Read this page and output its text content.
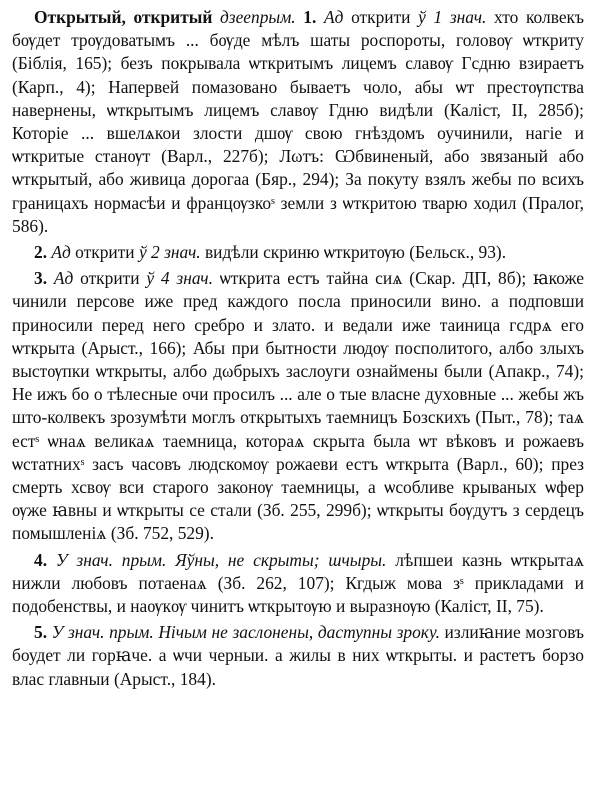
Открытый, откритый дзеепрым. 1. Ад открити ў 1 знач. хто колвекъ бѹдет трѹдоватымъ ... бѹде мѣлъ шаты роспороты, головѹ ѡткриту (Біблія, 165); безъ покрывала ѡткритымъ лицемъ славѹ Гсдню взираетъ (Карп., 4); Напервей помазовано бываетъ чоло, абы ѡт престѹпства навернены, ѡткрытымъ лицемъ славѹ Гдню видѣли (Каліст, II, 285б); Которіе ... вшелѧкои злости дшѹ свою гнѣздомъ оучинили, нагіе и ѡткритые станѹт (Варл., 227б); Лωтъ: Ѡбвиненый, або звязаный або ѡткрытый, або живица дорогаа (Бяр., 294); За покуту взялъ жебы по всихъ границахъ нормасѣи и францѹзкоˢ земли з ѡткритою тварю ходил (Пралог, 586).

2. Ад открити ў 2 знач. видѣли скриню ѡткритѹю (Бельск., 93).

3. Ад открити ў 4 знач. ѡткрита естъ тайна сиѧ (Скар. ДП, 8б); ꙗкоже чинили персове иже пред каждого посла приносили вино. а подповши приносили перед него сребро и злато. и ведали иже таиница гсдрѧ его ѡткрыта (Арыст., 166); Абы при бытности людѹ посполитого, албо злыхъ выстѹпки ѡткрыты, албо дωбрыхъ заслоуги ознаймены были (Апакр., 74); Не ижъ бо о тѣлесные очи просилъ ... але о тые власне духовные ... жебы жъ што-колвекъ зрозумѣти моглъ открытыхъ таемницъ Бозскихъ (Пыт., 78); таѧ естˢ ѡнаѧ великаѧ таемница, котораѧ скрыта была ѡт вѣковъ и рожаевъ ѡстатнихˢ засъ часовъ людскомѹ рожаеви естъ ѡткрыта (Варл., 60); през смерть хсвѹ вси старого законѹ таемницы, а ѡсобливе крываных ѡфер ѹже ꙗвны и ѡткрыты се стали (Зб. 255, 299б); ѡткрыты бѹдутъ з сердецъ помышленіѧ (Зб. 752, 529).

4. У знач. прым. Яўны, не скрыты; шчыры. лѣпшеи казнь ѡткрытаѧ нижли любовъ потаенаѧ (Зб. 262, 107); Кгдыж мова зˢ прикладами и подобенствы, и наѹкѹ чинитъ ѡткрытѹю и выразнѹю (Каліст, II, 75).

5. У знач. прым. Нічым не заслонены, даступны зроку. излиꙗние мозговъ боудет ли горꙗче. а ѡчи черныи. а жилы в них ѡткрыты. и растетъ борзо влас главныи (Арыст., 184).
